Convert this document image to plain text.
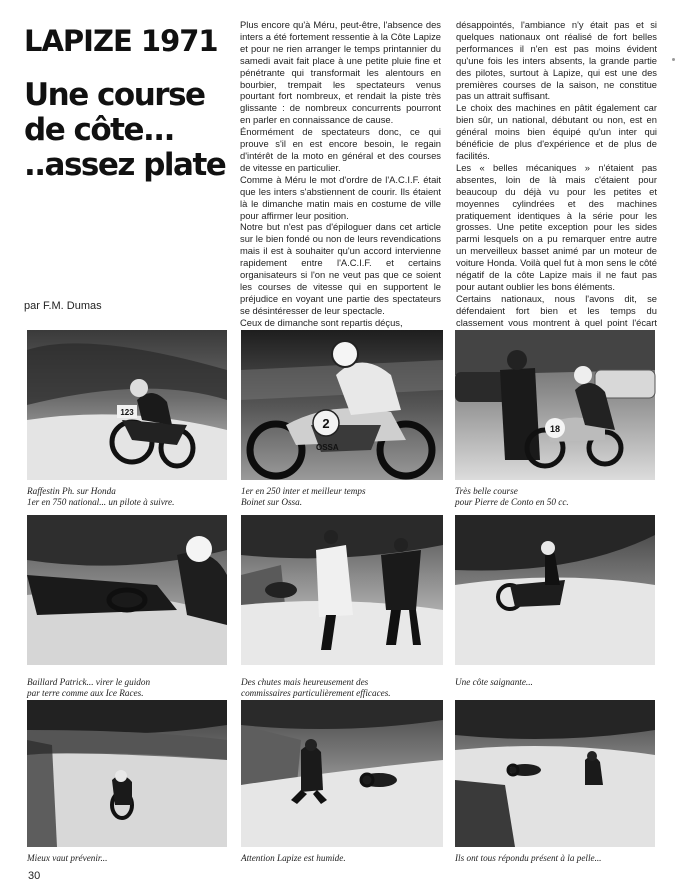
LAPIZE 1971
Une course
de côte...
..assez plate
par F.M. Dumas

Plus encore qu'à Méru, peut-être, l'absence des inters a été fortement ressentie à la Côte Lapize et pour ne rien arranger le temps printannier du samedi avait fait place à une petite pluie fine et pénétrante qui transformait les alentours en bourbier, trempait les spectateurs venus pourtant fort nombreux, et rendait la piste très glissante : de nombreux concurrents pourront en parler en connaissance de cause.

Énormément de spectateurs donc, ce qui prouve s'il en est encore besoin, le regain d'intérêt de la moto en général et des courses de vitesse en particulier.

Comme à Méru le mot d'ordre de l'A.C.I.F. était que les inters s'abstiennent de courir. Ils étaient là le dimanche matin mais en costume de ville pour affirmer leur position.

Notre but n'est pas d'épiloguer dans cet article sur le bien fondé ou non de leurs revendications mais il est à souhaiter qu'un accord intervienne rapidement entre l'A.C.I.F. et certains organisateurs si l'on ne veut pas que ce soient les courses de vitesse qui en supportent le préjudice en voyant une partie des spectateurs se désintéresser de leur spectacle.

Ceux de dimanche sont repartis déçus,

désappointés, l'ambiance n'y était pas et si quelques nationaux ont réalisé de fort belles performances il n'en est pas moins évident qu'une fois les inters absents, la grande partie des pilotes, surtout à Lapize, qui est une des premières courses de la saison, ne constitue pas un attrait suffisant.

Le choix des machines en pâtit également car bien sûr, un national, débutant ou non, est en général moins bien équipé qu'un inter qui bénéficie de plus d'expérience et de plus de facilités.

Les « belles mécaniques » n'étaient pas absentes, loin de là mais c'étaient pour beaucoup du déjà vu pour les petites et moyennes cylindrées et des machines pratiquement identiques à la série pour les grosses. Une petite exception pour les sides parmi lesquels on a pu remarquer entre autre un merveilleux basset animé par un moteur de voiture Honda. Voilà quel fut à mon sens le côté négatif de la côte Lapize mais il ne faut pas pour autant oublier les bons éléments.

Certains nationaux, nous l'avons dit, se défendaient fort bien et les temps du classement vous montrent à quel point l'écart

123
2
OSSA
18
Raffestin Ph. sur Honda
1er en 750 national... un pilote à suivre.
1er en 250 inter et meilleur temps
Boinet sur Ossa.
Très belle course
pour Pierre de Conto en 50 cc.
Baillard Patrick... virer le guidon
par terre comme aux Ice Races.
Des chutes mais heureusement des
commissaires particulièrement efficaces.
Une côte saignante...
Mieux vaut prévenir...	Attention Lapize est humide.	Ils ont tous répondu présent à la pelle...
30
